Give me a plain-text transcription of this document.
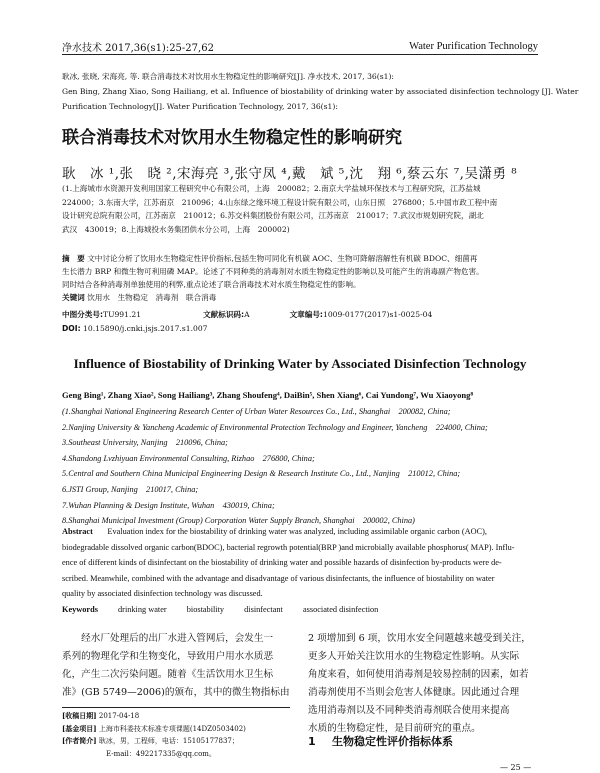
净水技术 2017,36(s1):25-27,62	Water Purification Technology
耿冰, 张晓, 宋海亮, 等. 联合消毒技术对饮用水生物稳定性的影响研究[J]. 净水技术, 2017, 36(s1):
Gen Bing, Zhang Xiao, Song Hailiang, et al. Influence of biostability of drinking water by associated disinfection technology [J]. Water
Purification Technology[J]. Water Purification Technology, 2017, 36(s1):
联合消毒技术对饮用水生物稳定性的影响研究
耿　冰 ¹,张　晓 ²,宋海亮 ³,张守凤 ⁴,戴　斌 ⁵,沈　翔 ⁶,蔡云东 ⁷,吴潇勇 ⁸
(1.上海城市水资源开发利用国家工程研究中心有限公司，上海　200082；2.南京大学盐城环保技术与工程研究院，江苏盐城
224000；3.东南大学，江苏南京　210096；4.山东绿之缘环境工程设计院有限公司，山东日照　276800；5.中国市政工程中南
设计研究总院有限公司，江苏南京　210012；6.苏交科集团股份有限公司，江苏南京　210017；7.武汉市规划研究院，湖北
武汉　430019；8.上海城投水务集团供水分公司，上海　200002)
摘　要 文中讨论分析了饮用水生物稳定性评价指标,包括生物可同化有机碳 AOC、生物可降解溶解性有机碳 BDOC、细菌再
生长潜力 BRP 和微生物可利用磷 MAP。论述了不同种类的消毒剂对水质生物稳定性的影响以及可能产生的消毒副产物危害。
同时结合各种消毒剂单独使用的利弊,重点论述了联合消毒技术对水质生物稳定性的影响。
关键词 饮用水　生物稳定　消毒剂　联合消毒
中图分类号:TU991.21	文献标识码:A	文章编号:1009-0177(2017)s1-0025-04
DOI: 10.15890/j.cnki.jsjs.2017.s1.007
Influence of Biostability of Drinking Water by Associated Disinfection Technology
Geng Bing¹, Zhang Xiao², Song Hailiang³, Zhang Shoufeng⁴, DaiBin⁵, Shen Xiang⁶, Cai Yundong⁷, Wu Xiaoyong⁸
(1.Shanghai National Engineering Research Center of Urban Water Resources Co., Ltd., Shanghai　200082, China;
2.Nanjing University & Yancheng Academic of Environmental Protection Technology and Engineer, Yancheng　224000, China;
3.Southeast University, Nanjing　210096, China;
4.Shandong Lvzhiyuan Environmental Consulting, Rizhao　276800, China;
5.Central and Southern China Municipal Engineering Design & Research Institute Co., Ltd., Nanjing　210012, China;
6.JSTI Group, Nanjing　210017, China;
7.Wuhan Planning & Design Institute, Wuhan　430019, China;
8.Shanghai Municipal Investment (Group) Corporation Water Supply Branch, Shanghai　200002, China)
Abstract Evaluation index for the biostability of drinking water was analyzed, including assimilable organic carbon (AOC),
biodegradable dissolved organic carbon(BDOC), bacterial regrowth potential(BRP )and microbially available phosphorus( MAP). Influ-
ence of different kinds of disinfectant on the biostability of drinking water and possible hazards of disinfection by-products were de-
scribed. Meanwhile, combined with the advantage and disadvantage of various disinfectants, the influence of biostability on water
quality by associated disinfection technology was discussed.
Keywords drinking water biostability disinfectant associated disinfection
　　经水厂处理后的出厂水进入管网后，会发生一
系列的物理化学和生物变化，导致用户用水水质恶
化，产生二次污染问题。随着《生活饮用水卫生标
准》(GB 5749—2006)的颁布，其中的微生物指标由
2 项增加到 6 项，饮用水安全问题越来越受到关注，
更多人开始关注饮用水的生物稳定性影响。从实际
角度来看，如何使用消毒剂是较易控制的因素，如若
消毒剂使用不当则会危害人体健康。因此通过合理
选用消毒剂以及不同种类消毒剂联合使用来提高
水质的生物稳定性，是目前研究的重点。
[收稿日期] 2017-04-18
[基金项目] 上海市科委技术标准专项课题(14DZ0503402)
[作者简介] 耿冰，男，工程师，电话：15105177837；
E-mail：492217335@qq.com。
1 生物稳定性评价指标体系
— 25 —
